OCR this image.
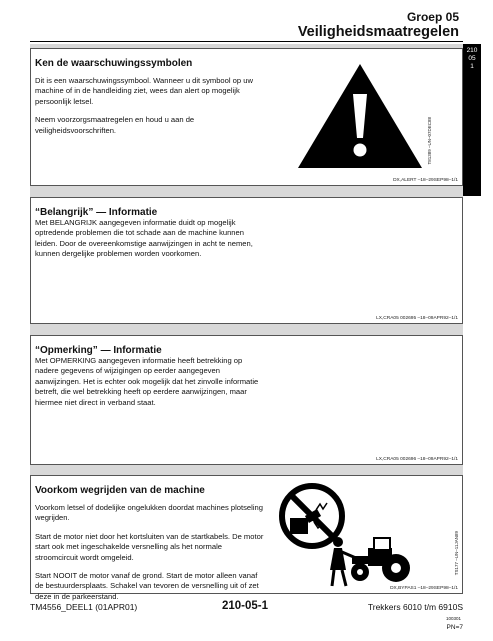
Groep 05
Veiligheidsmaatregelen
210
05
1
Ken de waarschuwingssymbolen

Dit is een waarschuwingssymbool. Wanneer u dit symbool op uw machine of in de handleiding ziet, wees dan alert op mogelijk persoonlijk letsel.

Neem voorzorgsmaatregelen en houd u aan de veiligheidsvoorschriften.	T81389 –UN–07DEC88
DX,ALERT –18–29SEP98–1/1
“Belangrijk” — Informatie

Met BELANGRIJK aangegeven informatie duidt op mogelijk optredende problemen die tot schade aan de machine kunnen leiden. Door de overeenkomstige aanwijzingen in acht te nemen, kunnen dergelijke problemen worden voorkomen.

LX,CRA05 002695 –18–09APR92–1/1
“Opmerking” — Informatie

Met OPMERKING aangegeven informatie heeft betrekking op nadere gegevens of wijzigingen op eerder aangegeven aanwijzingen. Het is echter ook mogelijk dat het zinvolle informatie betreft, die wel betrekking heeft op eerdere aanwijzingen, maar hiermee niet direct in verband staat.

LX,CRA05 002696 –18–09APR92–1/1
Voorkom wegrijden van de machine

Voorkom letsel of dodelijke ongelukken doordat machines plotseling wegrijden.

Start de motor niet door het kortsluiten van de startkabels. De motor start ook met ingeschakelde versnelling als het normale stroomcircuit wordt omgeleid.

Start NOOIT de motor vanaf de grond. Start de motor alleen vanaf de bestuurdersplaats. Schakel van tevoren de versnelling uit of zet deze in de parkeerstand.

TS177 –UN–11JAN89
DX,BYPAS1 –18–29SEP98–1/1
TM4556_DEEL1 (01APR01)	210-05-1	Trekkers 6010 t/m 6910S
100301
PN=7
